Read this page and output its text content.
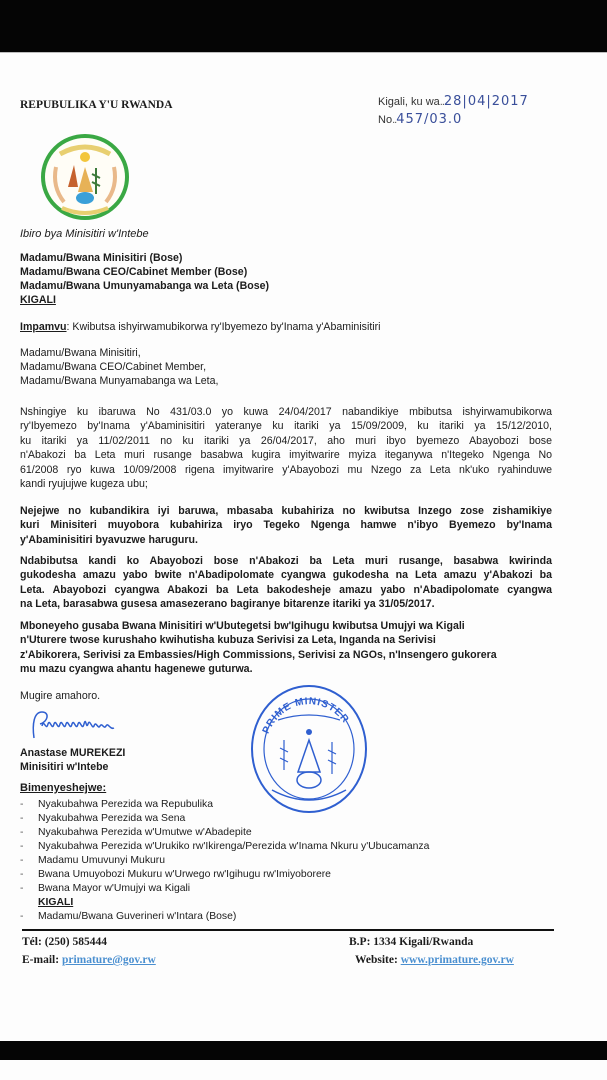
REPUBULIKA Y'U RWANDA	Kigali, ku wa..28|04|2017
No..457/03.0
Ibiro bya Minisitiri w'Intebe
Madamu/Bwana Minisitiri (Bose)
Madamu/Bwana CEO/Cabinet Member (Bose)
Madamu/Bwana Umunyamabanga wa Leta (Bose)
KIGALI
Impamvu: Kwibutsa ishyirwamubikorwa ry'Ibyemezo by'Inama y'Abaminisitiri
Madamu/Bwana Minisitiri,
Madamu/Bwana CEO/Cabinet Member,
Madamu/Bwana Munyamabanga wa Leta,
Nshingiye ku ibaruwa No 431/03.0 yo kuwa 24/04/2017 nabandikiye mbibutsa ishyirwamubikorwa
ry'Ibyemezo by'Inama y'Abaminisitiri yateranye ku itariki ya 15/09/2009, ku itariki ya 15/12/2010,
ku itariki ya 11/02/2011 no ku itariki ya 26/04/2017, aho muri ibyo byemezo Abayobozi bose
n'Abakozi ba Leta muri rusange basabwa kugira imyitwarire myiza iteganywa n'Itegeko Ngenga No
61/2008 ryo kuwa 10/09/2008 rigena imyitwarire y'Abayobozi mu Nzego za Leta nk'uko ryahinduwe
kandi ryujujwe kugeza ubu;
Nejejwe no kubandikira iyi baruwa, mbasaba kubahiriza no kwibutsa Inzego zose zishamikiye
kuri Minisiteri muyobora kubahiriza iryo Tegeko Ngenga hamwe n'ibyo Byemezo by'Inama
y'Abaminisitiri byavuzwe haruguru.
Ndabibutsa kandi ko Abayobozi bose n'Abakozi ba Leta muri rusange, basabwa kwirinda
gukodesha amazu yabo bwite n'Abadipolomate cyangwa gukodesha na Leta amazu y'Abakozi ba
Leta. Abayobozi cyangwa Abakozi ba Leta bakodesheje amazu yabo n'Abadipolomate cyangwa
na Leta, barasabwa gusesa amasezerano bagiranye bitarenze itariki ya 31/05/2017.
Mboneyeho gusaba Bwana Minisitiri w'Ubutegetsi bw'Igihugu kwibutsa Umujyi wa Kigali
n'Uturere twose kurushaho kwihutisha kubuza Serivisi za Leta, Inganda na Serivisi
z'Abikorera, Serivisi za Embassies/High Commissions, Serivisi za NGOs, n'Insengero gukorera
mu mazu cyangwa ahantu hagenewe guturwa.
Mugire amahoro.
Anastase MUREKEZI
Minisitiri w'Intebe
PRIME MINISTER
Bimenyeshejwe:
-	Nyakubahwa Perezida wa Repubulika
-	Nyakubahwa Perezida wa Sena
-	Nyakubahwa Perezida w'Umutwe w'Abadepite
-	Nyakubahwa Perezida w'Urukiko rw'Ikirenga/Perezida w'Inama Nkuru y'Ubucamanza
-	Madamu Umuvunyi Mukuru
-	Bwana Umuyobozi Mukuru w'Urwego rw'Igihugu rw'Imiyoborere
-	Bwana Mayor w'Umujyi wa Kigali
KIGALI
-	Madamu/Bwana Guverineri w'Intara (Bose)
Tél: (250) 585444
E-mail: primature@gov.rw
B.P: 1334 Kigali/Rwanda
Website: www.primature.gov.rw
